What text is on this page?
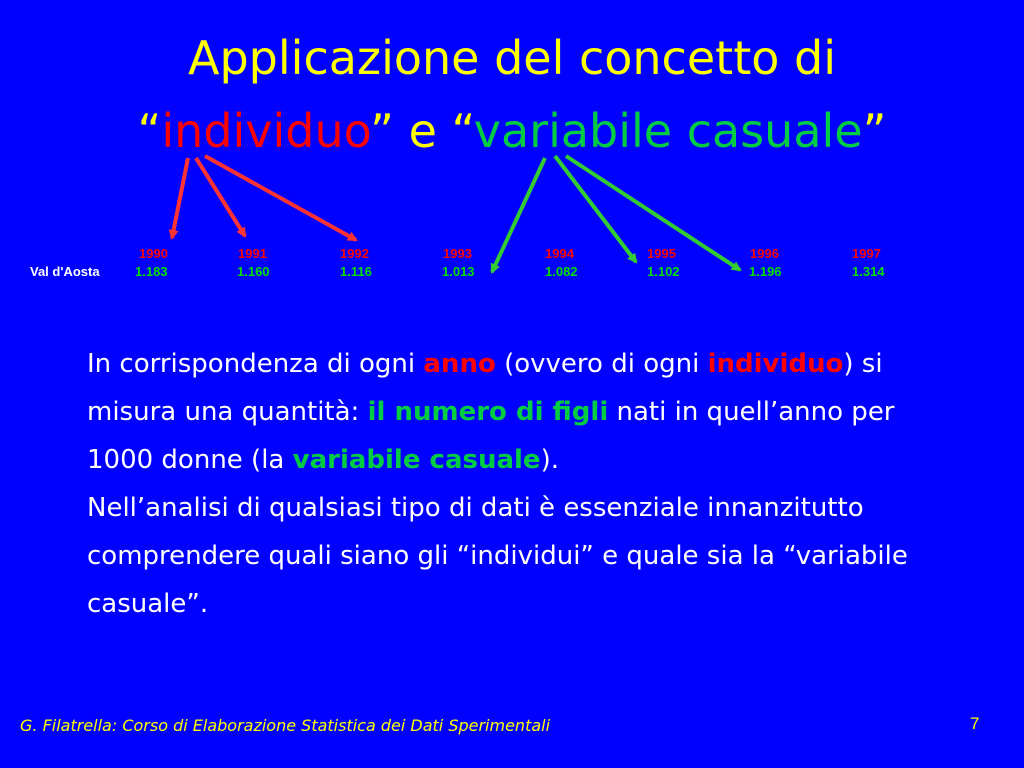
Applicazione del concetto di
“individuo” e “variabile casuale”
Val d'Aosta
1990	1991	1992	1993	1994	1995	1996	1997
1.183	1.160	1.116	1.013	1.082	1.102	1.196	1.314

In corrispondenza di ogni anno (ovvero di ogni individuo) si misura una quantità: il numero di figli nati in quell’anno per 1000 donne (la variabile casuale).

Nell’analisi di qualsiasi tipo di dati è essenziale innanzitutto comprendere quali siano gli “individui” e quale sia la “variabile casuale”.

G. Filatrella: Corso di Elaborazione Statistica dei Dati Sperimentali	7
